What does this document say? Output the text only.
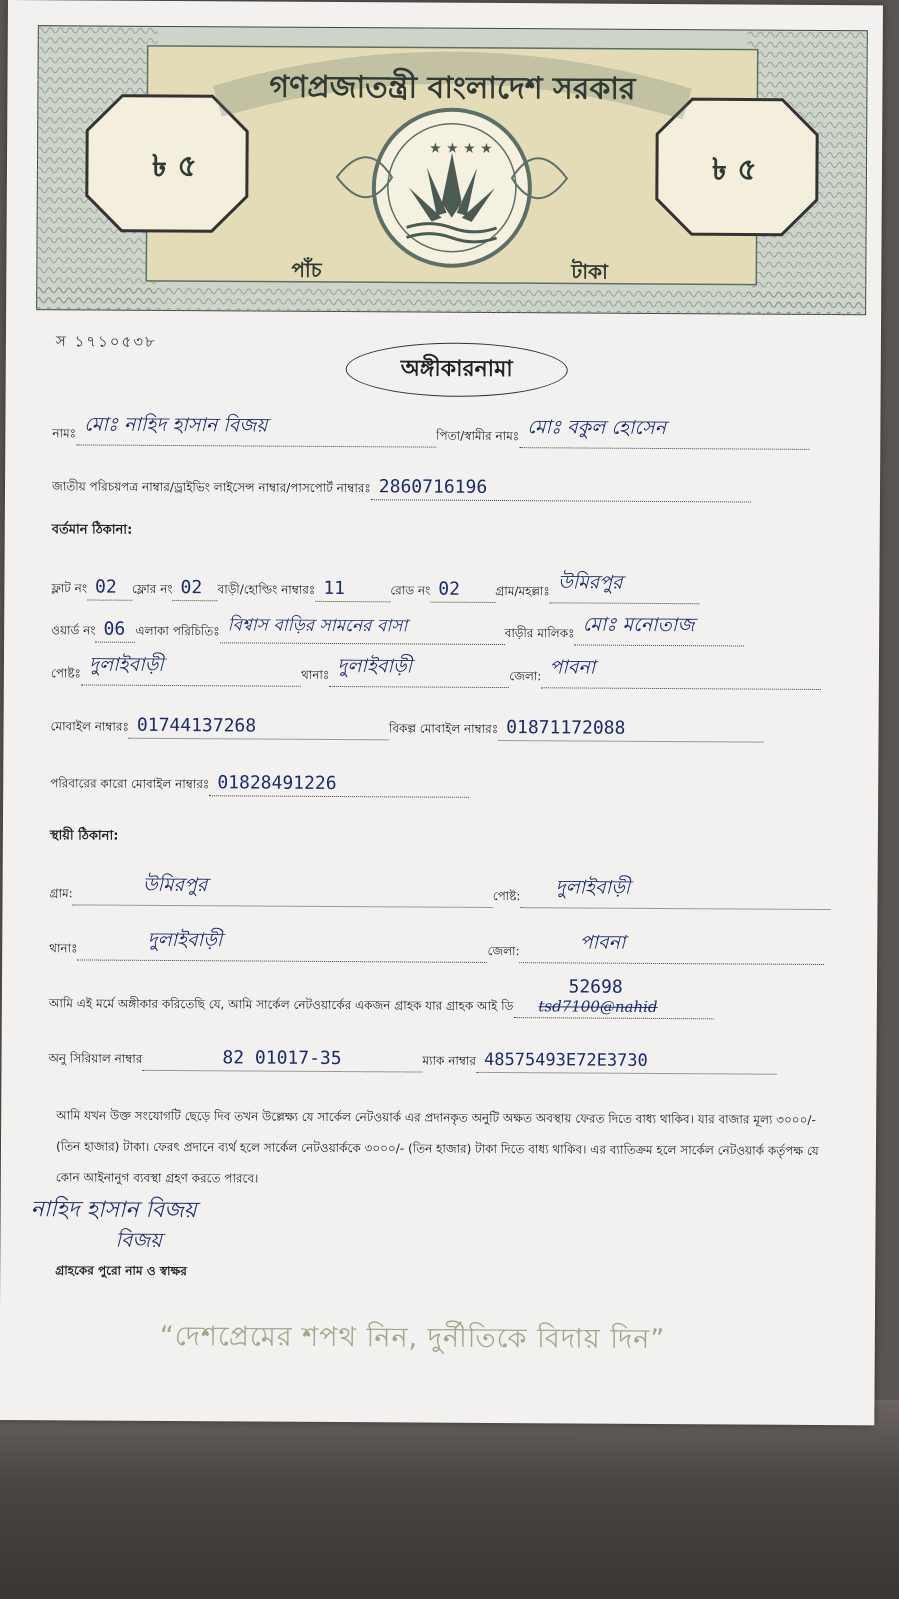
★ ★ ★ ★
গণপ্রজাতন্ত্রী বাংলাদেশ সরকার
৳ ৫	৳ ৫
পাঁচ	টাকা
স ১৭১০৫৩৮
অঙ্গীকারনামা
নামঃ মোঃ নাহিদ হাসান বিজয়	পিতা/স্বামীর নামঃ মোঃ বকুল হোসেন
জাতীয় পরিচয়পত্র নাম্বার/ড্রাইভিং লাইসেন্স নাম্বার/পাসপোর্ট নাম্বারঃ 2860716196
বর্তমান ঠিকানা:
ফ্লাট নং 02 ফ্লোর নং 02 বাড়ী/হোল্ডিং নাম্বারঃ 11	রোড নং 02	গ্রাম/মহল্লাঃ উমিরপুর
ওয়ার্ড নং 06 এলাকা পরিচিতিঃ বিশ্বাস বাড়ির সামনের বাসা	বাড়ীর মালিকঃ মোঃ মনোতাজ
পোষ্টঃ দুলাইবাড়ী	থানাঃ দুলাইবাড়ী	জেলা: পাবনা
মোবাইল নাম্বারঃ 01744137268	বিকল্প মোবাইল নাম্বারঃ 01871172088
পরিবারের কারো মোবাইল নাম্বারঃ 01828491226
স্থায়ী ঠিকানা:
গ্রাম:	উমিরপুর	পোষ্ট: দুলাইবাড়ী
থানাঃ	দুলাইবাড়ী	জেলা:	পাবনা
আমি এই মর্মে অঙ্গীকার করিতেছি যে, আমি সার্কেল নেটওয়ার্কের একজন গ্রাহক যার গ্রাহক আই ডি
52698
tsd7100@nahid
অনু সিরিয়াল নাম্বার	82 01017-35	ম্যাক নাম্বার 48575493E72E3730
আমি যখন উক্ত সংযোগটি ছেড়ে দিব তখন উল্লেক্ষ্য যে সার্কেল নেটওয়ার্ক এর প্রদানকৃত অনুটি অক্ষত অবস্থায় ফেরত দিতে বাধ্য থাকিব। যার বাজার মূল্য ৩০০০/- (তিন হাজার) টাকা। ফেরৎ প্রদানে ব্যর্থ হলে সার্কেল নেটওয়ার্ককে ৩০০০/- (তিন হাজার) টাকা দিতে বাধ্য থাকিব। এর ব্যাতিক্রম হলে সার্কেল নেটওয়ার্ক কর্তৃপক্ষ যে কোন আইনানুগ ব্যবস্থা গ্রহণ করতে পারবে।
নাহিদ হাসান বিজয়
বিজয়
গ্রাহকের পুরো নাম ও স্বাক্ষর
“দেশপ্রেমের শপথ নিন, দুর্নীতিকে বিদায় দিন”
